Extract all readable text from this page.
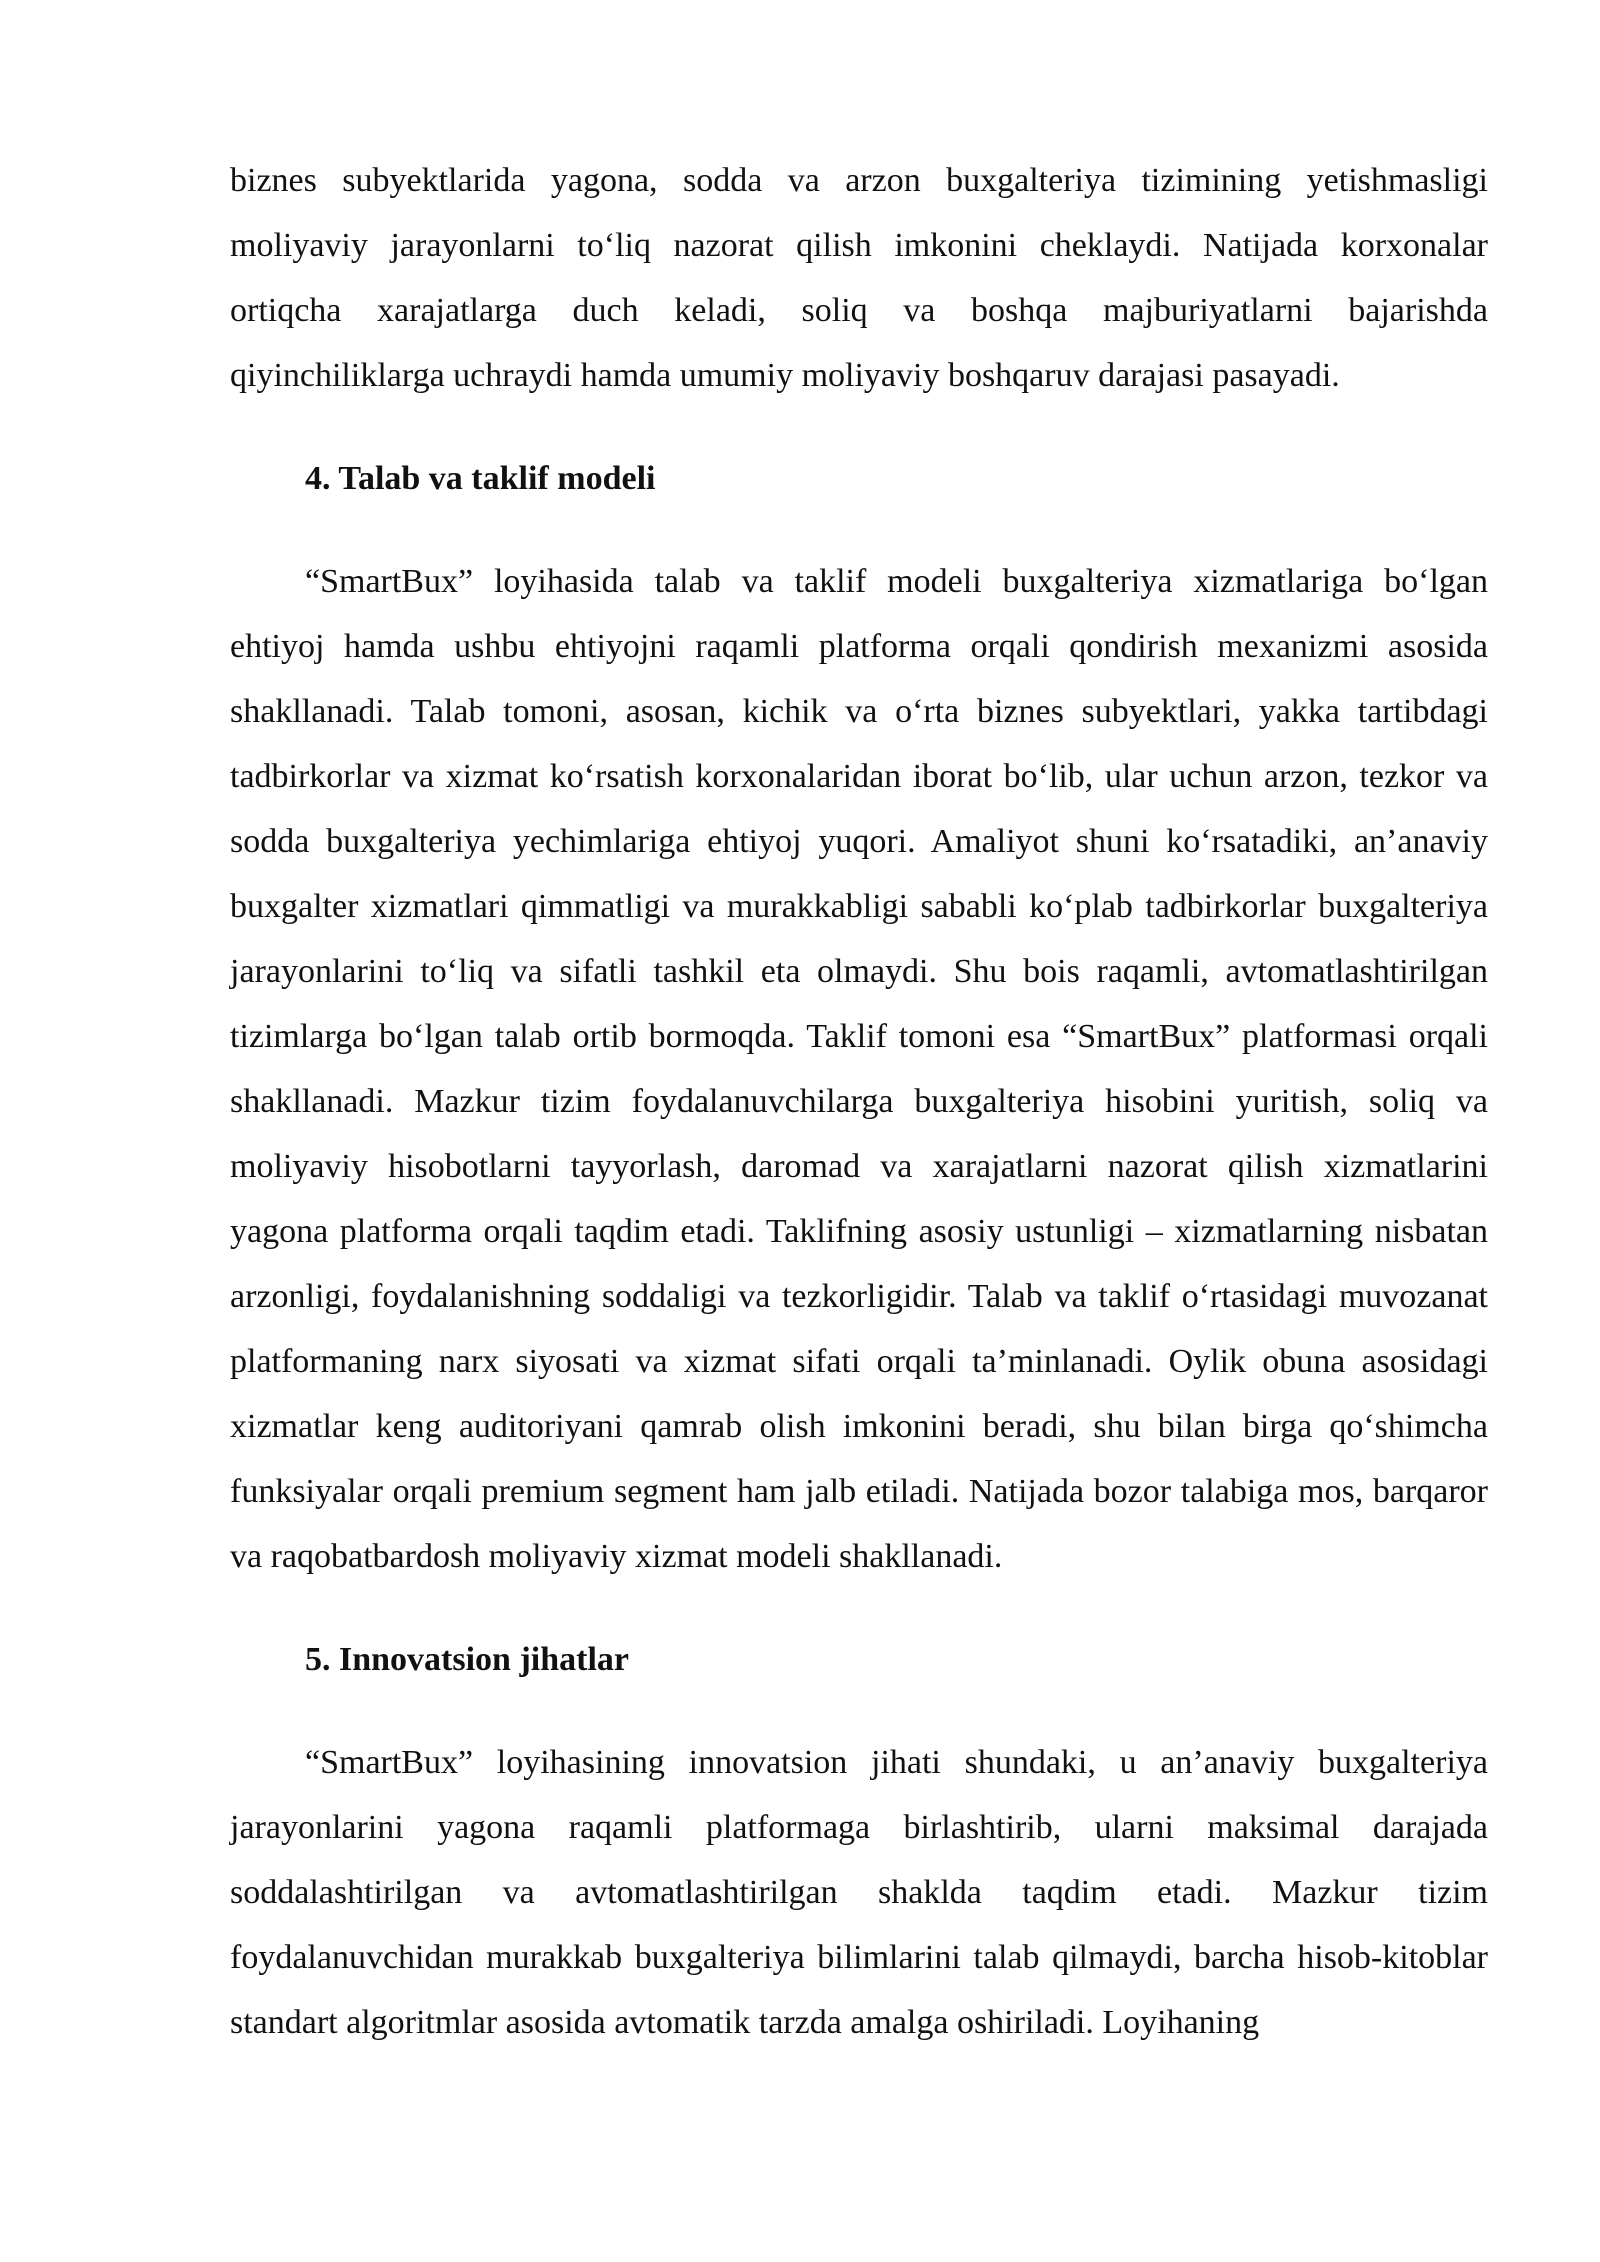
biznes subyektlarida yagona, sodda va arzon buxgalteriya tizimining yetishmasligi moliyaviy jarayonlarni to‘liq nazorat qilish imkonini cheklaydi. Natijada korxonalar ortiqcha xarajatlarga duch keladi, soliq va boshqa majburiyatlarni bajarishda qiyinchiliklarga uchraydi hamda umumiy moliyaviy boshqaruv darajasi pasayadi.

4. Talab va taklif modeli

“SmartBux” loyihasida talab va taklif modeli buxgalteriya xizmatlariga bo‘lgan ehtiyoj hamda ushbu ehtiyojni raqamli platforma orqali qondirish mexanizmi asosida shakllanadi. Talab tomoni, asosan, kichik va o‘rta biznes subyektlari, yakka tartibdagi tadbirkorlar va xizmat ko‘rsatish korxonalaridan iborat bo‘lib, ular uchun arzon, tezkor va sodda buxgalteriya yechimlariga ehtiyoj yuqori. Amaliyot shuni ko‘rsatadiki, an’anaviy buxgalter xizmatlari qimmatligi va murakkabligi sababli ko‘plab tadbirkorlar buxgalteriya jarayonlarini to‘liq va sifatli tashkil eta olmaydi. Shu bois raqamli, avtomatlashtirilgan tizimlarga bo‘lgan talab ortib bormoqda. Taklif tomoni esa “SmartBux” platformasi orqali shakllanadi. Mazkur tizim foydalanuvchilarga buxgalteriya hisobini yuritish, soliq va moliyaviy hisobotlarni tayyorlash, daromad va xarajatlarni nazorat qilish xizmatlarini yagona platforma orqali taqdim etadi. Taklifning asosiy ustunligi – xizmatlarning nisbatan arzonligi, foydalanishning soddaligi va tezkorligidir. Talab va taklif o‘rtasidagi muvozanat platformaning narx siyosati va xizmat sifati orqali ta’minlanadi. Oylik obuna asosidagi xizmatlar keng auditoriyani qamrab olish imkonini beradi, shu bilan birga qo‘shimcha funksiyalar orqali premium segment ham jalb etiladi. Natijada bozor talabiga mos, barqaror va raqobatbardosh moliyaviy xizmat modeli shakllanadi.

5. Innovatsion jihatlar

“SmartBux” loyihasining innovatsion jihati shundaki, u an’anaviy buxgalteriya jarayonlarini yagona raqamli platformaga birlashtirib, ularni maksimal darajada soddalashtirilgan va avtomatlashtirilgan shaklda taqdim etadi. Mazkur tizim foydalanuvchidan murakkab buxgalteriya bilimlarini talab qilmaydi, barcha hisob-kitoblar standart algoritmlar asosida avtomatik tarzda amalga oshiriladi. Loyihaning
